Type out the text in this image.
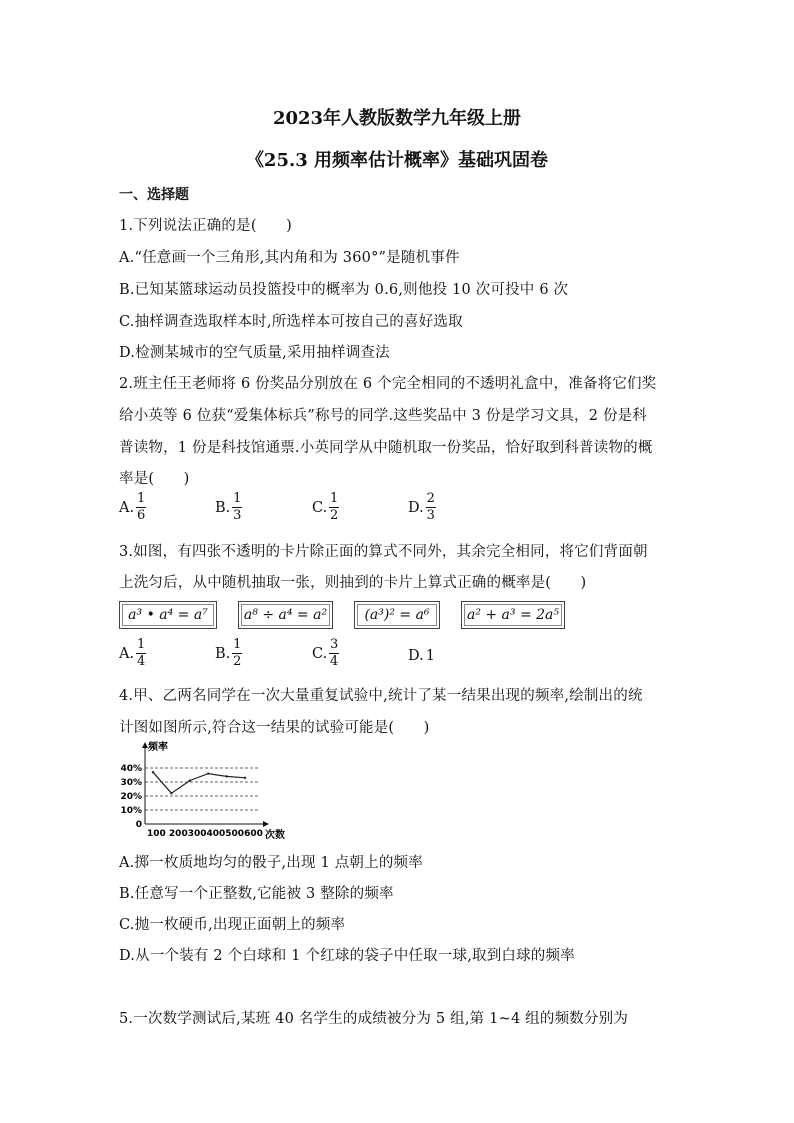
2023年人教版数学九年级上册
《25.3 用频率估计概率》基础巩固卷
一、选择题
1.下列说法正确的是(　　)
A.“任意画一个三角形,其内角和为 360°”是随机事件
B.已知某篮球运动员投篮投中的概率为 0.6,则他投 10 次可投中 6 次
C.抽样调查选取样本时,所选样本可按自己的喜好选取
D.检测某城市的空气质量,采用抽样调查法
2.班主任王老师将 6 份奖品分别放在 6 个完全相同的不透明礼盒中，准备将它们奖
给小英等 6 位获“爱集体标兵”称号的同学.这些奖品中 3 份是学习文具，2 份是科
普读物，1 份是科技馆通票.小英同学从中随机取一份奖品，恰好取到科普读物的概
率是(　　)
A. $\frac{1}{6}$	B. $\frac{1}{3}$	C. $\frac{1}{2}$	D. $\frac{2}{3}$
3.如图，有四张不透明的卡片除正面的算式不同外，其余完全相同，将它们背面朝
上洗匀后，从中随机抽取一张，则抽到的卡片上算式正确的概率是(　　)
a³ • a⁴ = a⁷	a⁸ ÷ a⁴ = a²	(a³)² = a⁶	a² + a³ = 2a⁵
A. $\frac{1}{4}$	B. $\frac{1}{2}$	C. $\frac{3}{4}$	D. 1
4.甲、乙两名同学在一次大量重复试验中,统计了某一结果出现的频率,绘制出的统
计图如图所示,符合这一结果的试验可能是(　　)
频率
次数
100 200300400500600
0
10%
20%
30%
40%
A.掷一枚质地均匀的骰子,出现 1 点朝上的频率
B.任意写一个正整数,它能被 3 整除的频率
C.抛一枚硬币,出现正面朝上的频率
D.从一个装有 2 个白球和 1 个红球的袋子中任取一球,取到白球的频率
5.一次数学测试后,某班 40 名学生的成绩被分为 5 组,第 1~4 组的频数分别为
